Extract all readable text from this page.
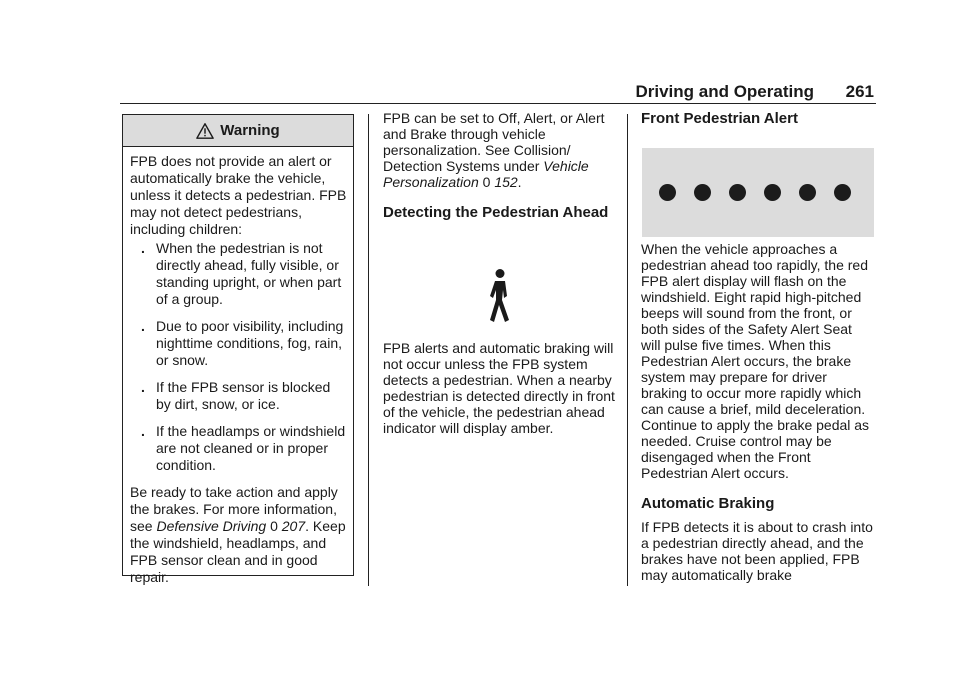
Driving and Operating 261
Warning

FPB does not provide an alert or automatically brake the vehicle, unless it detects a pedestrian. FPB may not detect pedestrians, including children:

. When the pedestrian is not directly ahead, fully visible, or standing upright, or when part of a group.
. Due to poor visibility, including nighttime conditions, fog, rain, or snow.
. If the FPB sensor is blocked by dirt, snow, or ice.
. If the headlamps or windshield are not cleaned or in proper condition.

Be ready to take action and apply the brakes. For more information, see Defensive Driving 0 207. Keep the windshield, headlamps, and FPB sensor clean and in good repair.

FPB can be set to Off, Alert, or Alert and Brake through vehicle personalization. See Collision/ Detection Systems under Vehicle Personalization 0 152.

Detecting the Pedestrian Ahead

FPB alerts and automatic braking will not occur unless the FPB system detects a pedestrian. When a nearby pedestrian is detected directly in front of the vehicle, the pedestrian ahead indicator will display amber.

Front Pedestrian Alert

When the vehicle approaches a pedestrian ahead too rapidly, the red FPB alert display will flash on the windshield. Eight rapid high-pitched beeps will sound from the front, or both sides of the Safety Alert Seat will pulse five times. When this Pedestrian Alert occurs, the brake system may prepare for driver braking to occur more rapidly which can cause a brief, mild deceleration. Continue to apply the brake pedal as needed. Cruise control may be disengaged when the Front Pedestrian Alert occurs.

Automatic Braking

If FPB detects it is about to crash into a pedestrian directly ahead, and the brakes have not been applied, FPB may automatically brake
